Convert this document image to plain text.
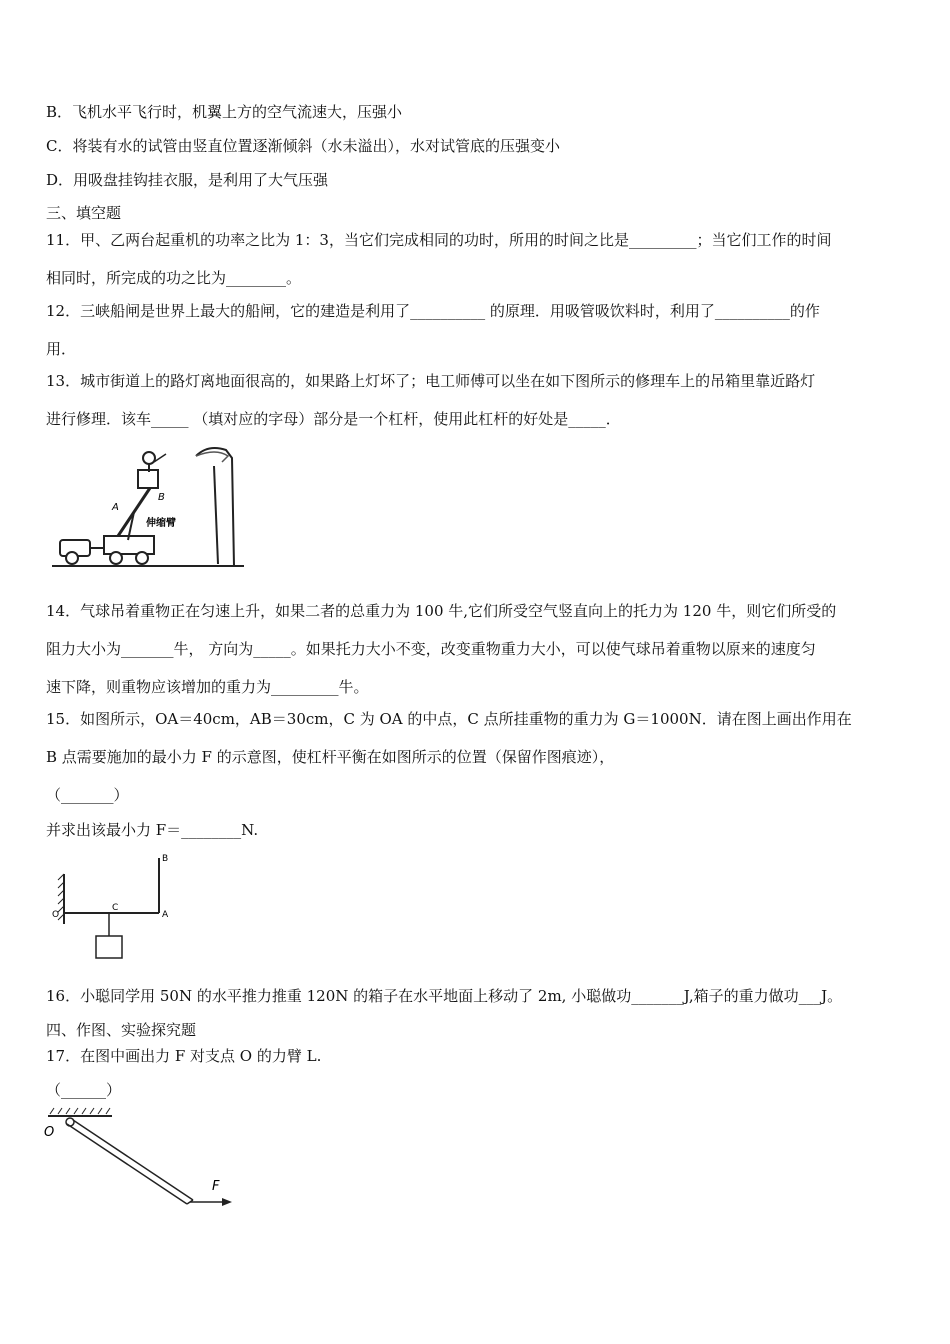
B．飞机水平飞行时，机翼上方的空气流速大，压强小
C．将装有水的试管由竖直位置逐渐倾斜（水未溢出），水对试管底的压强变小
D．用吸盘挂钩挂衣服，是利用了大气压强
三、填空题
11．甲、乙两台起重机的功率之比为 1：3，当它们完成相同的功时，所用的时间之比是_________；当它们工作的时间
相同时，所完成的功之比为________。
12．三峡船闸是世界上最大的船闸，它的建造是利用了__________ 的原理．用吸管吸饮料时，利用了__________的作
用．
13．城市街道上的路灯离地面很高的，如果路上灯坏了；电工师傅可以坐在如下图所示的修理车上的吊箱里靠近路灯
进行修理．该车_____ （填对应的字母）部分是一个杠杆，使用此杠杆的好处是_____．
A
B
伸缩臂
14．气球吊着重物正在匀速上升，如果二者的总重力为 100 牛,它们所受空气竖直向上的托力为 120 牛，则它们所受的
阻力大小为_______牛， 方向为_____。如果托力大小不变，改变重物重力大小，可以使气球吊着重物以原来的速度匀
速下降，则重物应该增加的重力为_________牛。
15．如图所示，OA＝40cm，AB＝30cm，C 为 OA 的中点，C 点所挂重物的重力为 G＝1000N．请在图上画出作用在
B 点需要施加的最小力 F 的示意图，使杠杆平衡在如图所示的位置（保留作图痕迹），
（_______）
并求出该最小力 F＝________N.
O
C
A
B
16．小聪同学用 50N 的水平推力推重 120N 的箱子在水平地面上移动了 2m, 小聪做功_______J,箱子的重力做功___J。
四、作图、实验探究题
17．在图中画出力 F 对支点 O 的力臂 L.
（______）
O
F
